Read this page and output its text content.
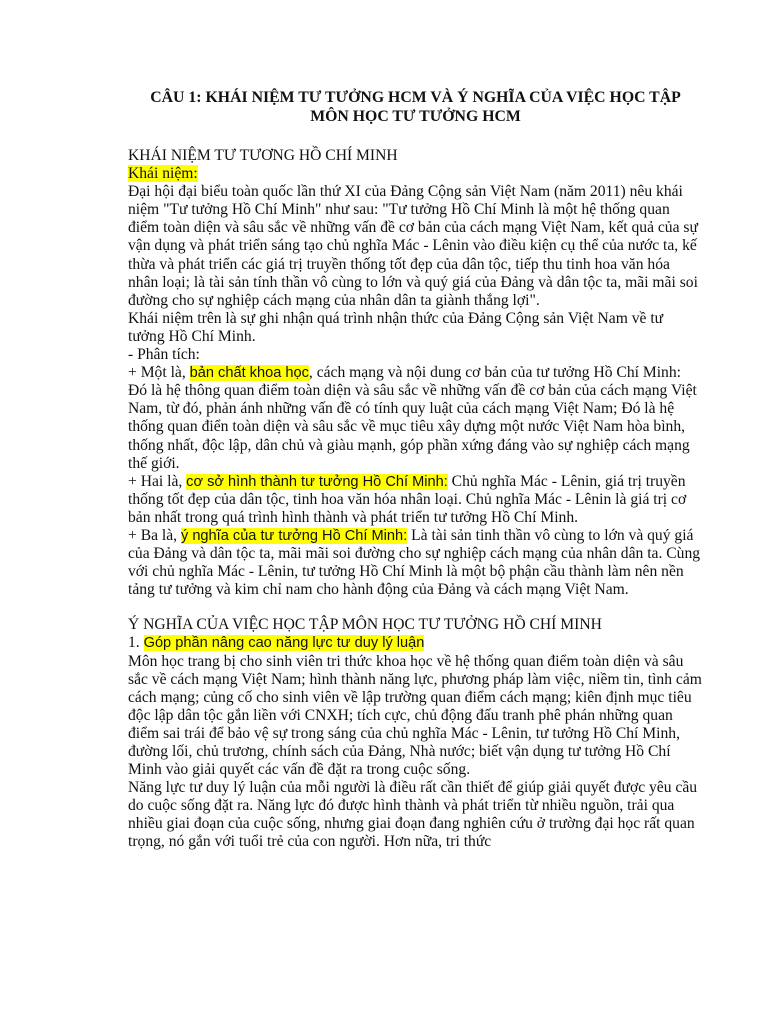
CÂU 1: KHÁI NIỆM TƯ TƯỞNG HCM VÀ Ý NGHĨA CỦA VIỆC HỌC TẬP
MÔN HỌC TƯ TƯỞNG HCM

KHÁI NIỆM TƯ TƯƠNG HỒ CHÍ MINH

Khái niệm:

Đại hội đại biểu toàn quốc lần thứ XI của Đảng Cộng sản Việt Nam (năm 2011) nêu khái niệm "Tư tưởng Hồ Chí Minh" như sau: "Tư tưởng Hồ Chí Minh là một hệ thống quan điểm toàn diện và sâu sắc về những vấn đề cơ bản của cách mạng Việt Nam, kết quả của sự vận dụng và phát triển sáng tạo chủ nghĩa Mác - Lênin vào điều kiện cụ thể của nước ta, kế thừa và phát triển các giá trị truyền thống tốt đẹp của dân tộc, tiếp thu tinh hoa văn hóa nhân loại; là tài sản tính thần vô cùng to lớn và quý giá của Đảng và dân tộc ta, mãi mãi soi đường cho sự nghiệp cách mạng của nhân dân ta giành thắng lợi".

Khái niệm trên là sự ghi nhận quá trình nhận thức của Đảng Cộng sản Việt Nam về tư tưởng Hồ Chí Minh.

- Phân tích:

+ Một là, bản chất khoa học, cách mạng và nội dung cơ bản của tư tưởng Hồ Chí Minh: Đó là hệ thông quan điểm toàn diện và sâu sắc về những vấn đề cơ bản của cách mạng Việt Nam, từ đó, phản ánh những vấn đề có tính quy luật của cách mạng Việt Nam; Đó là hệ thống quan điển toàn diện và sâu sắc về mục tiêu xây dựng một nước Việt Nam hòa bình, thống nhất, độc lập, dân chủ và giàu mạnh, góp phần xứng đáng vào sự nghiệp cách mạng thế giới.

+ Hai là, cơ sở hình thành tư tưởng Hồ Chí Minh: Chủ nghĩa Mác - Lênin, giá trị truyền thống tốt đẹp của dân tộc, tinh hoa văn hóa nhân loại. Chủ nghĩa Mác - Lênin là giá trị cơ bản nhất trong quá trình hình thành và phát triển tư tưởng Hồ Chí Minh.

+ Ba là, ý nghĩa của tư tưởng Hồ Chí Minh: Là tài sản tinh thần vô cùng to lớn và quý giá của Đảng và dân tộc ta, mãi mãi soi đường cho sự nghiệp cách mạng của nhân dân ta. Cùng với chủ nghĩa Mác - Lênin, tư tưởng Hồ Chí Minh là một bộ phận cầu thành làm nên nền tảng tư tưởng và kim chỉ nam cho hành động của Đảng và cách mạng Việt Nam.

Ý NGHĨA CỦA VIỆC HỌC TẬP MÔN HỌC TƯ TƯỞNG HỒ CHÍ MINH

1. Góp phần nâng cao năng lực tư duy lý luận

Môn học trang bị cho sinh viên tri thức khoa học về hệ thống quan điểm toàn diện và sâu sắc về cách mạng Việt Nam; hình thành năng lực, phương pháp làm việc, niềm tin, tình cảm cách mạng; củng cố cho sinh viên về lập trường quan điểm cách mạng; kiên định mục tiêu độc lập dân tộc gắn liền với CNXH; tích cực, chủ động đấu tranh phê phán những quan điểm sai trái để bảo vệ sự trong sáng của chủ nghĩa Mác - Lênin, tư tưởng Hồ Chí Minh, đường lối, chủ trương, chính sách của Đảng, Nhà nước; biết vận dụng tư tưởng Hồ Chí Minh vào giải quyết các vấn đề đặt ra trong cuộc sống.

Năng lực tư duy lý luận của mỗi người là điều rất cần thiết để giúp giải quyết được yêu cầu do cuộc sống đặt ra. Năng lực đó được hình thành và phát triển từ nhiều nguồn, trải qua nhiều giai đoạn của cuộc sống, nhưng giai đoạn đang nghiên cứu ở trường đại học rất quan trọng, nó gắn với tuổi trẻ của con người. Hơn nữa, tri thức
